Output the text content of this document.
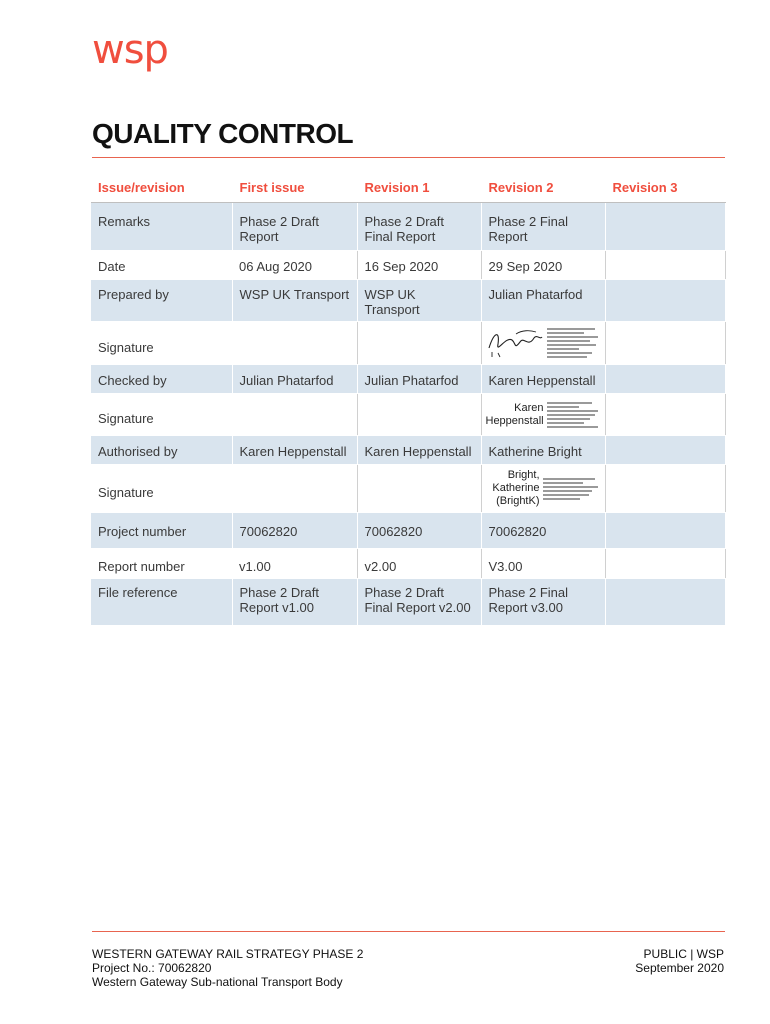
wsp
QUALITY CONTROL
Issue/revision	First issue	Revision 1	Revision 2	Revision 3
Remarks	Phase 2 Draft Report	Phase 2 Draft Final Report	Phase 2 Final Report	
Date	06 Aug 2020	16 Sep 2020	29 Sep 2020	
Prepared by	WSP UK Transport	WSP UK Transport	Julian Phatarfod	
Signature			

Checked by	Julian Phatarfod	Julian Phatarfod	Karen Heppenstall	
Signature			Karen Heppenstall	

Authorised by	Karen Heppenstall	Karen Heppenstall	Katherine Bright	
Signature			Bright, Katherine (BrightK)	

Project number	70062820	70062820	70062820	
Report number	v1.00	v2.00	V3.00	
File reference	Phase 2 Draft Report v1.00	Phase 2 Draft Final Report v2.00	Phase 2 Final Report v3.00	
WESTERN GATEWAY RAIL STRATEGY PHASE 2
Project No.: 70062820
Western Gateway Sub-national Transport Body
PUBLIC | WSP
September 2020
